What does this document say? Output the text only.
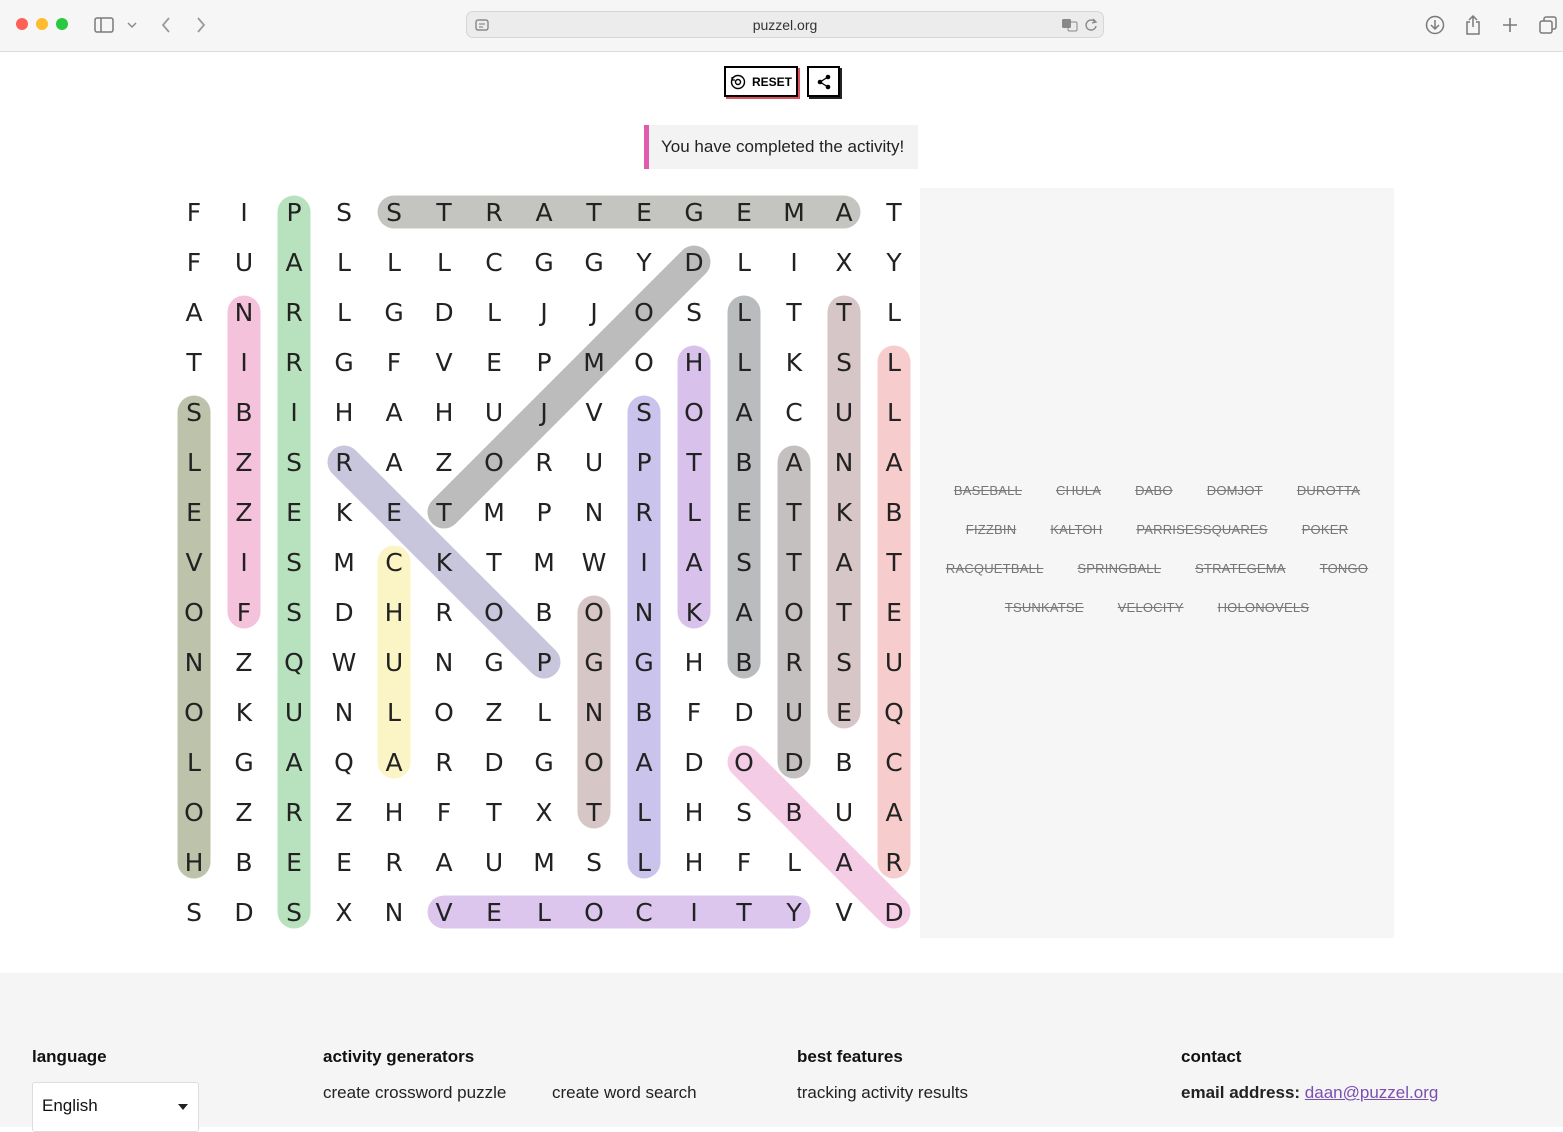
puzzel.org
RESET
You have completed the activity!
F I P S S T R A T E G E M A T
F U A L L L C G G Y D L I X Y
A N R L G D L J J O S L T T L
T I R G F V E P M O H L K S L
S B I H A H U J V S O A C U L
L Z S R A Z O R U P T B A N A
E Z E K E T M P N R L E T K B
V I S M C K T M W I A S T A T
O F S D H R O B O N K A O T E
N Z Q W U N G P G G H B R S U
O K U N L O Z L N B F D U E Q
L G A Q A R D G O A D O D B C
O Z R Z H F T X T L H S B U A
H B E E R A U M S L H F L A R
S D S X N V E L O C I T Y V D
BASEBALL	CHULA	DABO	DOMJOT	DUROTTA
FIZZBIN	KALTOH	PARRISESSQUARES	POKER
RACQUETBALL	SPRINGBALL	STRATEGEMA	TONGO
TSUNKATSE	VELOCITY	HOLONOVELS
language
English
activity generators
create crossword puzzle	create word search
best features
tracking activity results
contact
email address: daan@puzzel.org
